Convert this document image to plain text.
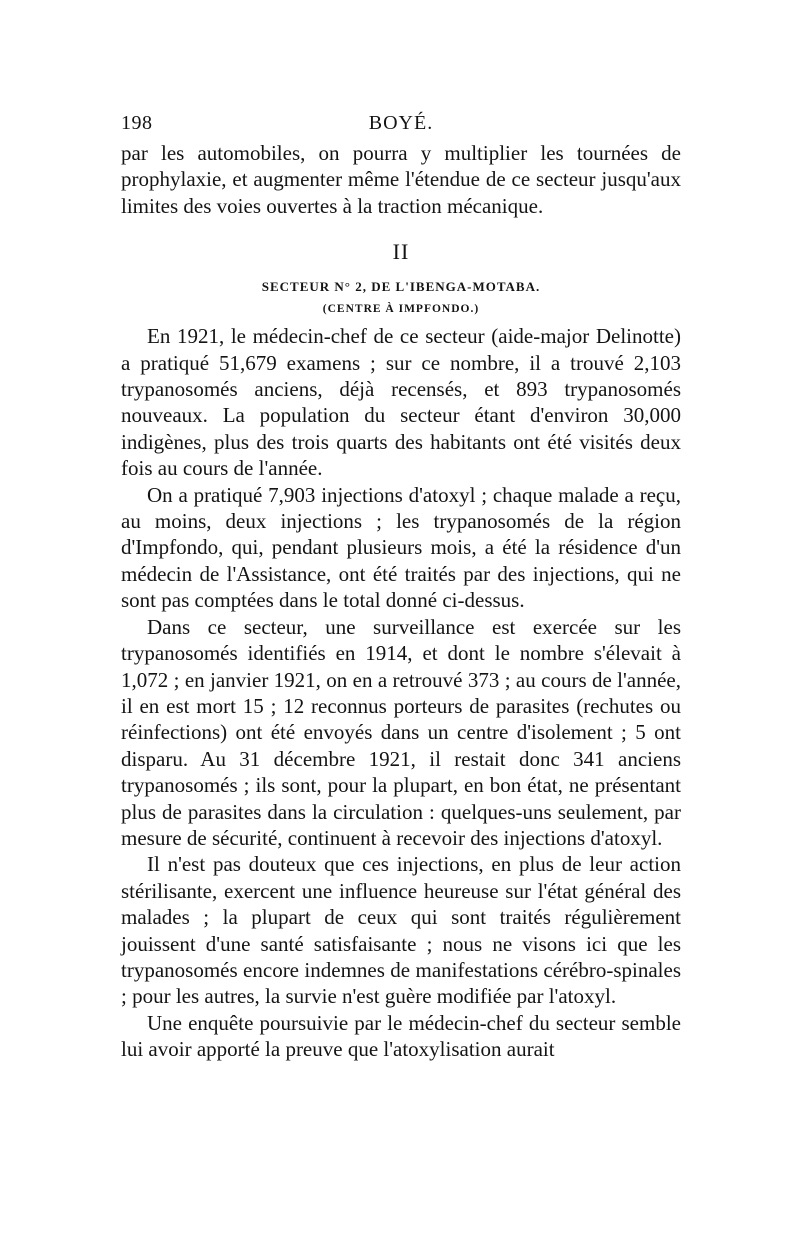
198	BOYÉ.

par les automobiles, on pourra y multiplier les tournées de prophylaxie, et augmenter même l'étendue de ce secteur jusqu'aux limites des voies ouvertes à la traction mécanique.

II
SECTEUR N° 2, DE L'IBENGA-MOTABA.
(CENTRE À IMPFONDO.)

En 1921, le médecin-chef de ce secteur (aide-major Delinotte) a pratiqué 51,679 examens ; sur ce nombre, il a trouvé 2,103 trypanosomés anciens, déjà recensés, et 893 trypanosomés nouveaux. La population du secteur étant d'environ 30,000 indigènes, plus des trois quarts des habitants ont été visités deux fois au cours de l'année.

On a pratiqué 7,903 injections d'atoxyl ; chaque malade a reçu, au moins, deux injections ; les trypanosomés de la région d'Impfondo, qui, pendant plusieurs mois, a été la résidence d'un médecin de l'Assistance, ont été traités par des injections, qui ne sont pas comptées dans le total donné ci-dessus.

Dans ce secteur, une surveillance est exercée sur les trypanosomés identifiés en 1914, et dont le nombre s'élevait à 1,072 ; en janvier 1921, on en a retrouvé 373 ; au cours de l'année, il en est mort 15 ; 12 reconnus porteurs de parasites (rechutes ou réinfections) ont été envoyés dans un centre d'isolement ; 5 ont disparu. Au 31 décembre 1921, il restait donc 341 anciens trypanosomés ; ils sont, pour la plupart, en bon état, ne présentant plus de parasites dans la circulation : quelques-uns seulement, par mesure de sécurité, continuent à recevoir des injections d'atoxyl.

Il n'est pas douteux que ces injections, en plus de leur action stérilisante, exercent une influence heureuse sur l'état général des malades ; la plupart de ceux qui sont traités régulièrement jouissent d'une santé satisfaisante ; nous ne visons ici que les trypanosomés encore indemnes de manifestations cérébro-spinales ; pour les autres, la survie n'est guère modifiée par l'atoxyl.

Une enquête poursuivie par le médecin-chef du secteur semble lui avoir apporté la preuve que l'atoxylisation aurait
